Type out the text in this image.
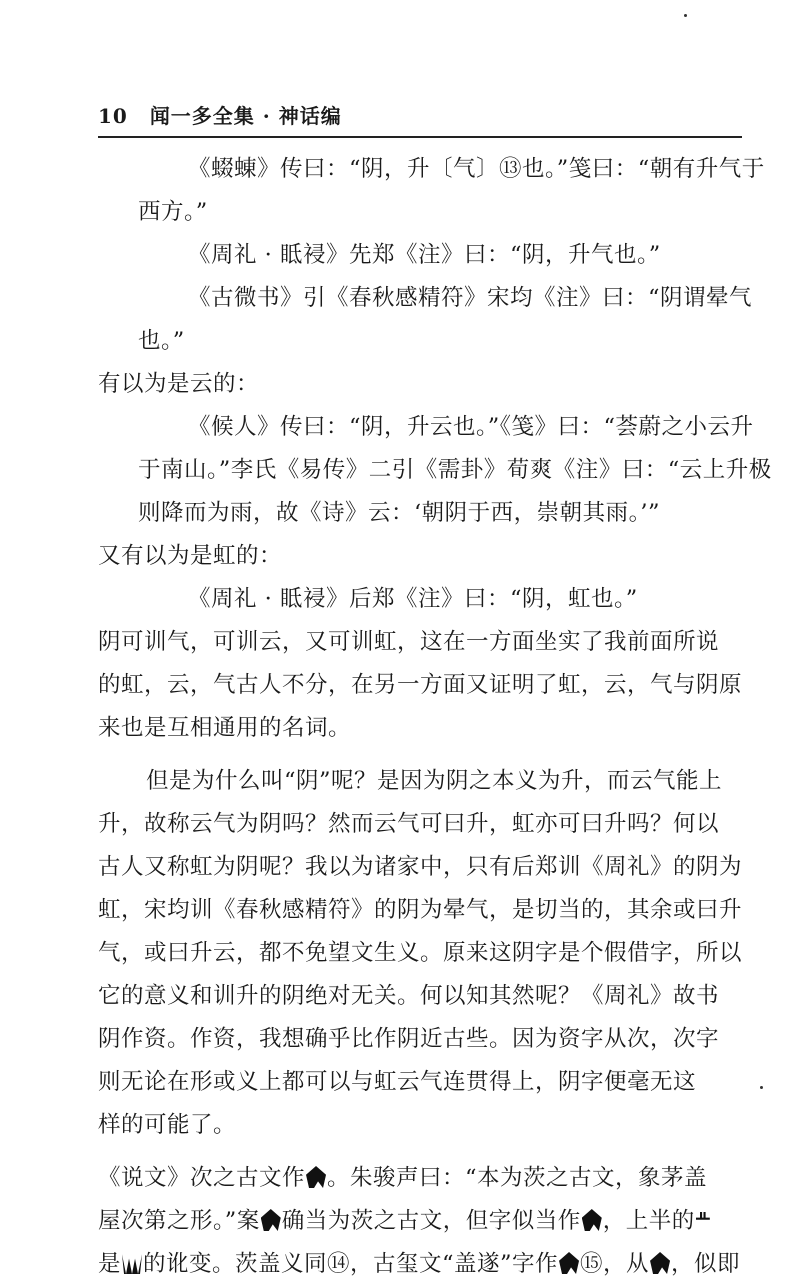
10 闻一多全集 · 神话编
《蝃蝀》传曰：“阴，升〔气〕⑬也。”笺曰：“朝有升气于
西方。”
《周礼 · 眡祲》先郑《注》曰：“阴，升气也。”
《古微书》引《春秋感精符》宋均《注》曰：“阴谓晕气
也。”
有以为是云的：
《候人》传曰：“阴，升云也。”《笺》曰：“荟蔚之小云升
于南山。”李氏《易传》二引《需卦》荀爽《注》曰：“云上升极
则降而为雨，故《诗》云：‘朝阴于西，崇朝其雨。’”
又有以为是虹的：
《周礼 · 眡祲》后郑《注》曰：“阴，虹也。”
阴可训气，可训云，又可训虹，这在一方面坐实了我前面所说
的虹，云，气古人不分，在另一方面又证明了虹，云，气与阴原
来也是互相通用的名词。
但是为什么叫“阴”呢？是因为阴之本义为升，而云气能上
升，故称云气为阴吗？然而云气可曰升，虹亦可曰升吗？何以
古人又称虹为阴呢？我以为诸家中，只有后郑训《周礼》的阴为
虹，宋均训《春秋感精符》的阴为晕气，是切当的，其余或曰升
气，或曰升云，都不免望文生义。原来这阴字是个假借字，所以
它的意义和训升的阴绝对无关。何以知其然呢？《周礼》故书
阴作资。作资，我想确乎比作阴近古些。因为资字从次，次字
则无论在形或义上都可以与虹云气连贯得上，阴字便毫无这
样的可能了。
《说文》次之古文作 。朱骏声曰：“本为茨之古文，象茅盖
屋次第之形。”案 确当为茨之古文，但字似当作 ，上半的
是 的讹变。茨盖义同⑭，古玺文“盖遂”字作 ⑮，从 ，似即
